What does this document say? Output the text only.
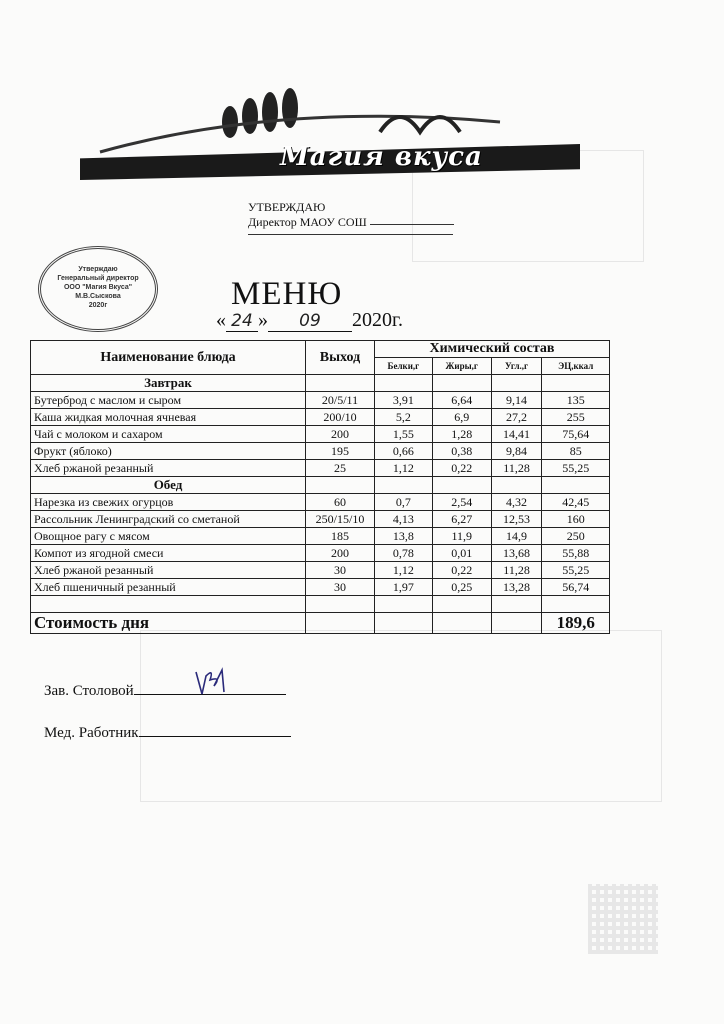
Магия вкуса
УТВЕРЖДАЮ
Директор МАОУ СОШ
Утверждаю
Генеральный директор
ООО "Магия Вкуса"
М.В.Сыскова
2020г	МЕНЮ
« 24 » 09 2020г.
Наименование блюда	Выход	Химический состав			
		Белки,г	Жиры,г	Угл.,г	ЭЦ,ккал
Завтрак					
Бутерброд с маслом и сыром	20/5/11	3,91	6,64	9,14	135
Каша жидкая молочная ячневая	200/10	5,2	6,9	27,2	255
Чай с молоком и сахаром	200	1,55	1,28	14,41	75,64
Фрукт (яблоко)	195	0,66	0,38	9,84	85
Хлеб ржаной резанный	25	1,12	0,22	11,28	55,25
Обед					
Нарезка из свежих огурцов	60	0,7	2,54	4,32	42,45
Рассольник Ленинградский со сметаной	250/15/10	4,13	6,27	12,53	160
Овощное рагу с мясом	185	13,8	11,9	14,9	250
Компот из ягодной смеси	200	0,78	0,01	13,68	55,88
Хлеб ржаной резанный	30	1,12	0,22	11,28	55,25
Хлеб пшеничный резанный	30	1,97	0,25	13,28	56,74

Стоимость дня					189,6
Зав. Столовой
Мед. Работник
